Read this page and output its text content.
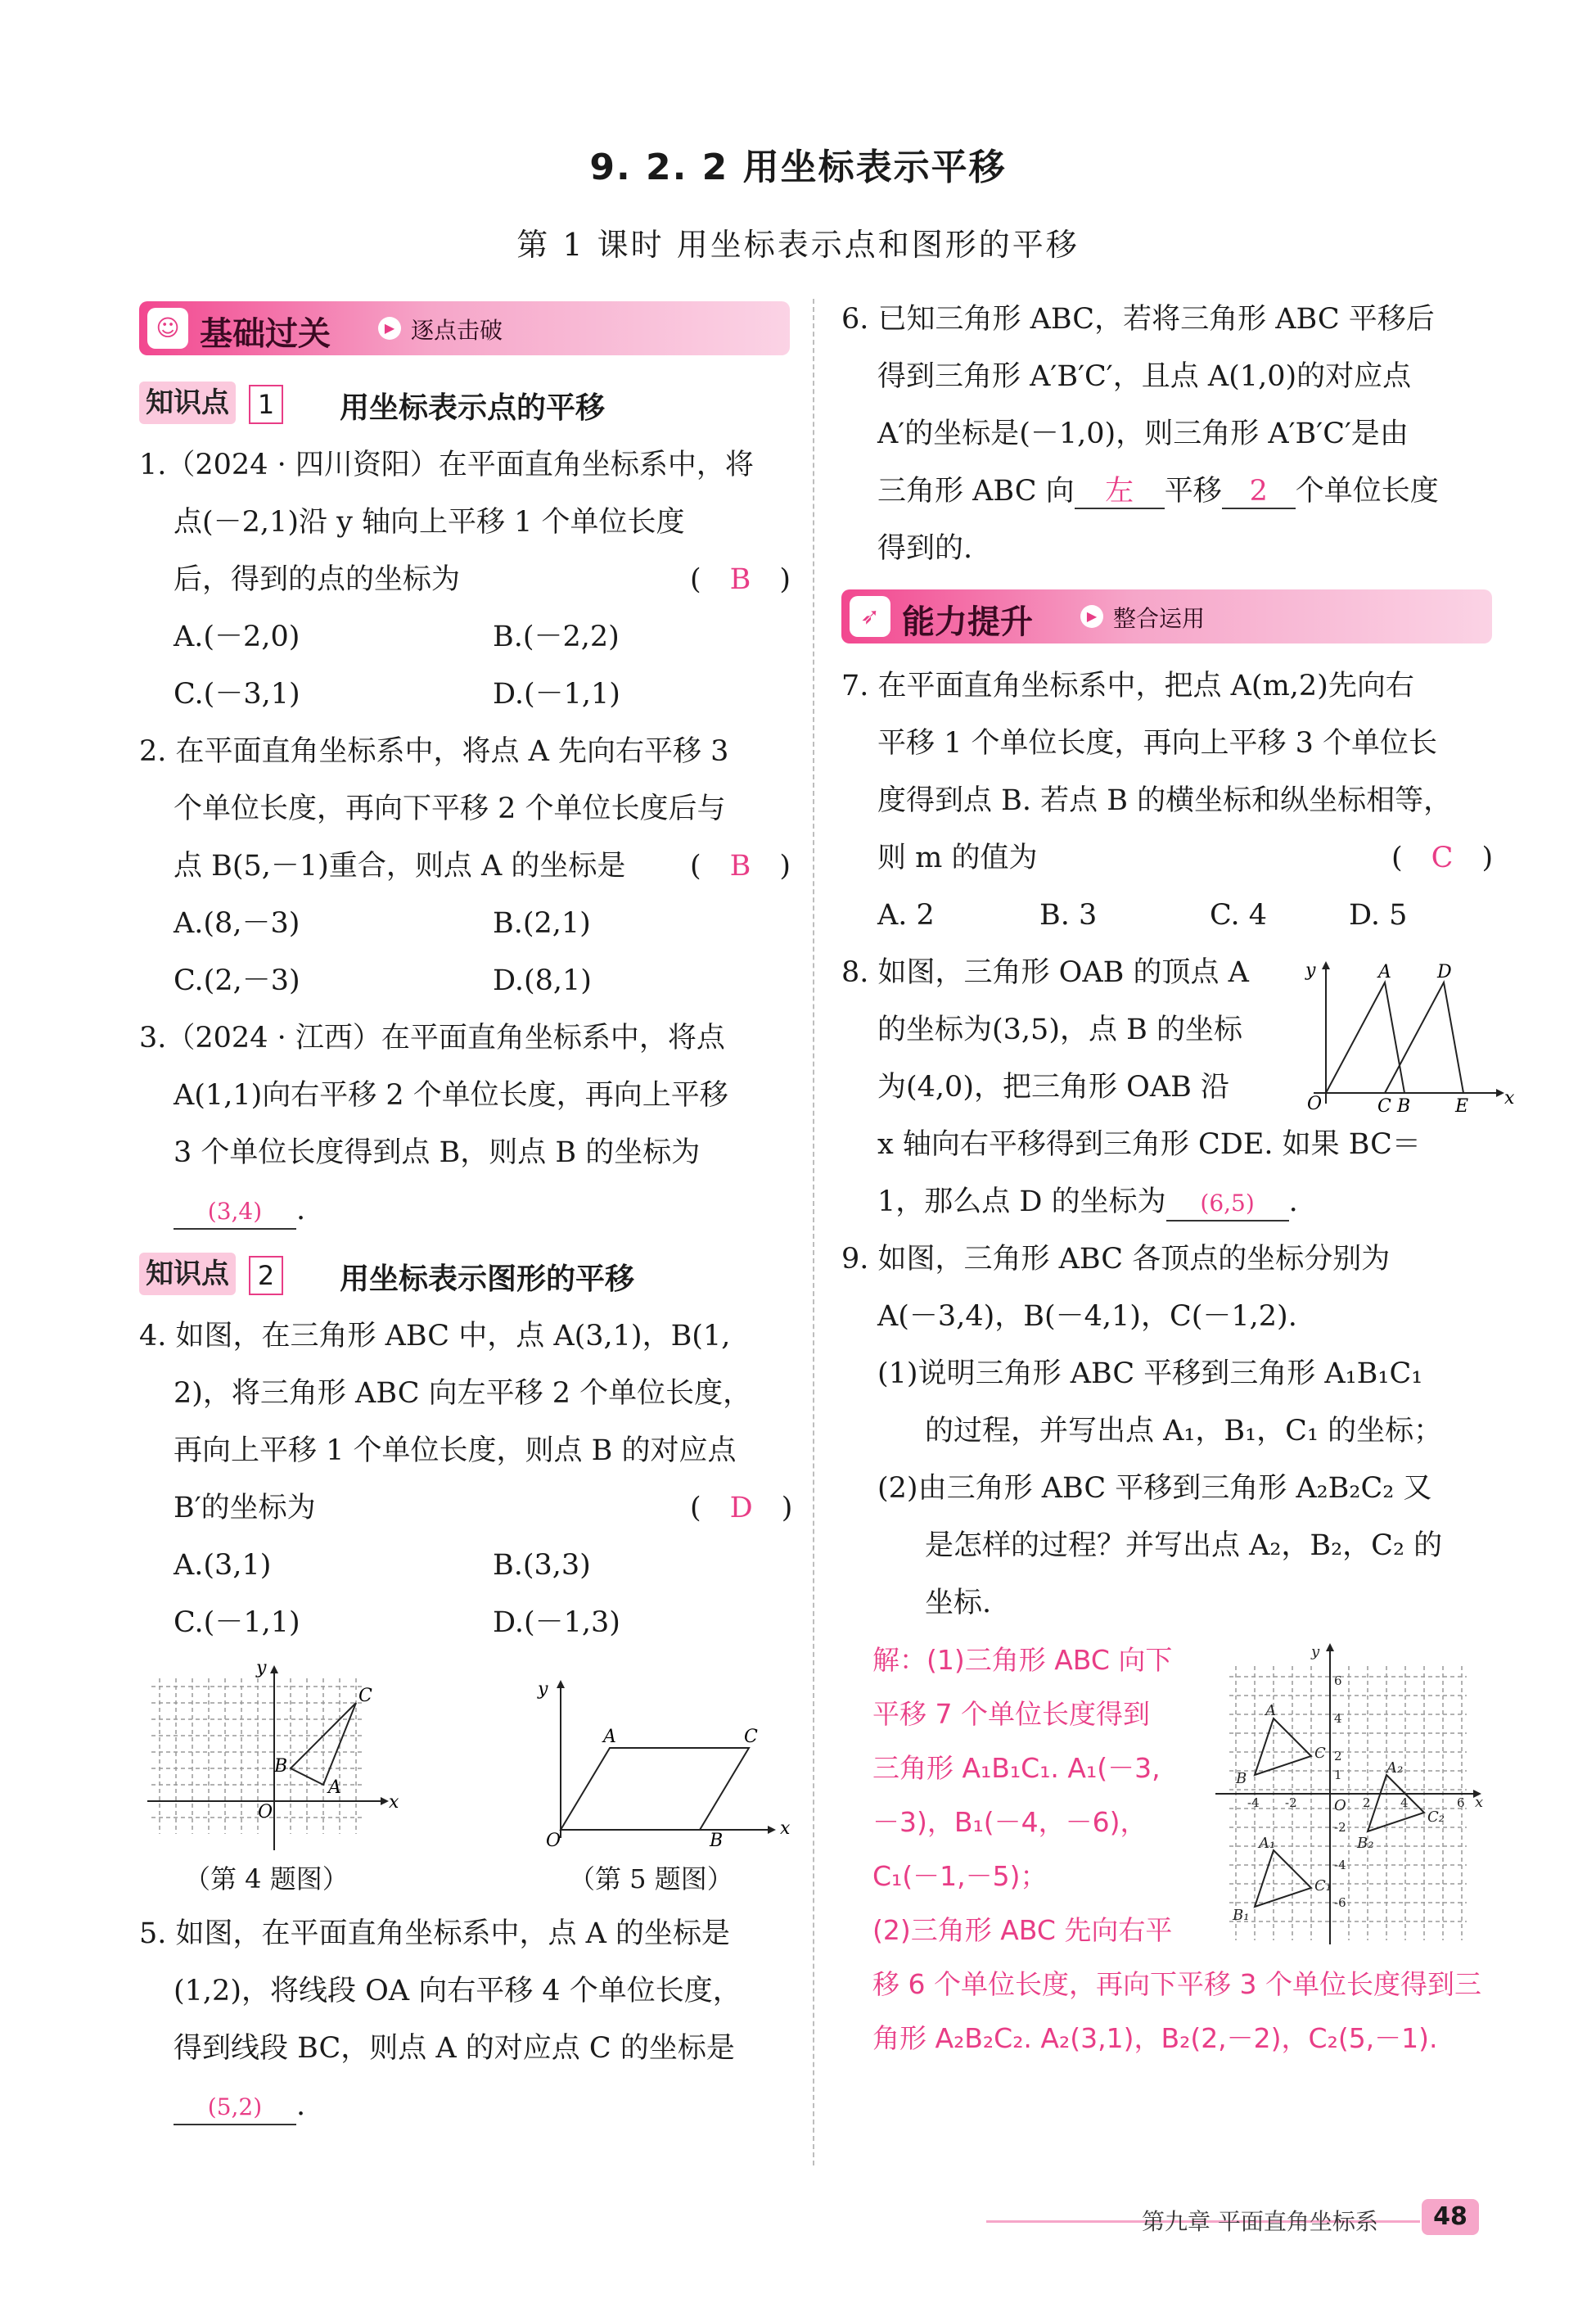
9. 2. 2 用坐标表示平移
第 1 课时 用坐标表示点和图形的平移
☺ 基础过关	▶ 逐点击破
知识点	1	用坐标表示点的平移
1.（2024 · 四川资阳）在平面直角坐标系中，将
点(－2,1)沿 y 轴向上平移 1 个单位长度
后，得到的点的坐标为	(　B　)
A.(－2,0)	B.(－2,2)
C.(－3,1)	D.(－1,1)
2. 在平面直角坐标系中，将点 A 先向右平移 3
个单位长度，再向下平移 2 个单位长度后与
点 B(5,－1)重合，则点 A 的坐标是 (　B　)
A.(8,－3)	B.(2,1)
C.(2,－3)	D.(8,1)
3.（2024 · 江西）在平面直角坐标系中，将点
A(1,1)向右平移 2 个单位长度，再向上平移
3 个单位长度得到点 B，则点 B 的坐标为
(3,4) .
知识点	2	用坐标表示图形的平移
4. 如图，在三角形 ABC 中，点 A(3,1)，B(1,
2)，将三角形 ABC 向左平移 2 个单位长度，
再向上平移 1 个单位长度，则点 B 的对应点
B′的坐标为	(　D　)
A.(3,1)	B.(3,3)
C.(－1,1)	D.(－1,3)
x
y
O
A
B
C
（第 4 题图）
x
y
O
A	C
B
（第 5 题图）
5. 如图，在平面直角坐标系中，点 A 的坐标是
(1,2)，将线段 OA 向右平移 4 个单位长度，
得到线段 BC，则点 A 的对应点 C 的坐标是
(5,2) .
6. 已知三角形 ABC，若将三角形 ABC 平移后
得到三角形 A′B′C′，且点 A(1,0)的对应点
A′的坐标是(－1,0)，则三角形 A′B′C′是由
三角形 ABC 向 左 平移 2 个单位长度
得到的.
➶ 能力提升	▶ 整合运用
7. 在平面直角坐标系中，把点 A(m,2)先向右
平移 1 个单位长度，再向上平移 3 个单位长
度得到点 B. 若点 B 的横坐标和纵坐标相等，
则 m 的值为	(　C　)
A. 2	B. 3	C. 4	D. 5
8. 如图，三角形 OAB 的顶点 A
的坐标为(3,5)，点 B 的坐标
为(4,0)，把三角形 OAB 沿
x 轴向右平移得到三角形 CDE. 如果 BC＝
1，那么点 D 的坐标为 (6,5) .
x
y
O
A	D
C B E
9. 如图，三角形 ABC 各顶点的坐标分别为
A(－3,4)，B(－4,1)，C(－1,2).
(1)说明三角形 ABC 平移到三角形 A₁B₁C₁
的过程，并写出点 A₁，B₁，C₁ 的坐标；
(2)由三角形 ABC 平移到三角形 A₂B₂C₂ 又
是怎样的过程？并写出点 A₂，B₂，C₂ 的
坐标.
解：(1)三角形 ABC 向下
平移 7 个单位长度得到
三角形 A₁B₁C₁. A₁(－3,
－3)，B₁(－4，－6)，
C₁(－1,－5)；
(2)三角形 ABC 先向右平
移 6 个单位长度，再向下平移 3 个单位长度得到三
角形 A₂B₂C₂. A₂(3,1)，B₂(2,－2)，C₂(5,－1).
x
y
O
A
B
C
A₁
B₁
C₁
A₂
B₂
C₂
1
2
4
6
-2
-4
-6
2 4	6
-2
-4
第九章 平面直角坐标系	48
